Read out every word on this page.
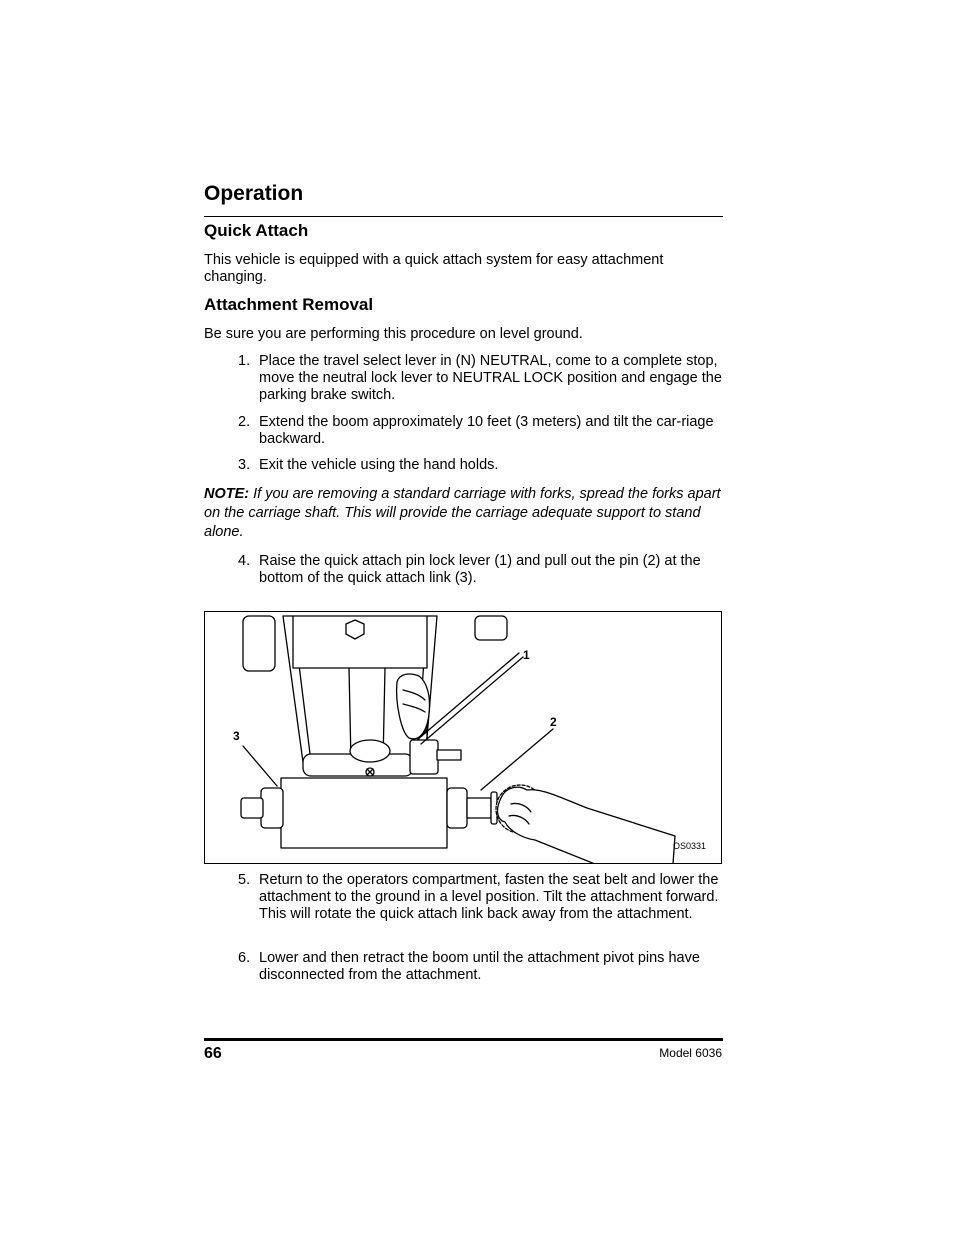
Operation
Quick Attach

This vehicle is equipped with a quick attach system for easy attachment changing.

Attachment Removal

Be sure you are performing this procedure on level ground.

1. Place the travel select lever in (N) NEUTRAL, come to a complete stop, move the neutral lock lever to NEUTRAL LOCK position and engage the parking brake switch.
2. Extend the boom approximately 10 feet (3 meters) and tilt the car-riage backward.
3. Exit the vehicle using the hand holds.

NOTE: If you are removing a standard carriage with forks, spread the forks apart on the carriage shaft. This will provide the carriage adequate support to stand alone.

4. Raise the quick attach pin lock lever (1) and pull out the pin (2) at the bottom of the quick attach link (3).
1
2
3
OS0331
5. Return to the operators compartment, fasten the seat belt and lower the attachment to the ground in a level position. Tilt the attachment forward. This will rotate the quick attach link back away from the attachment.
6. Lower and then retract the boom until the attachment pivot pins have disconnected from the attachment.
66	Model 6036
